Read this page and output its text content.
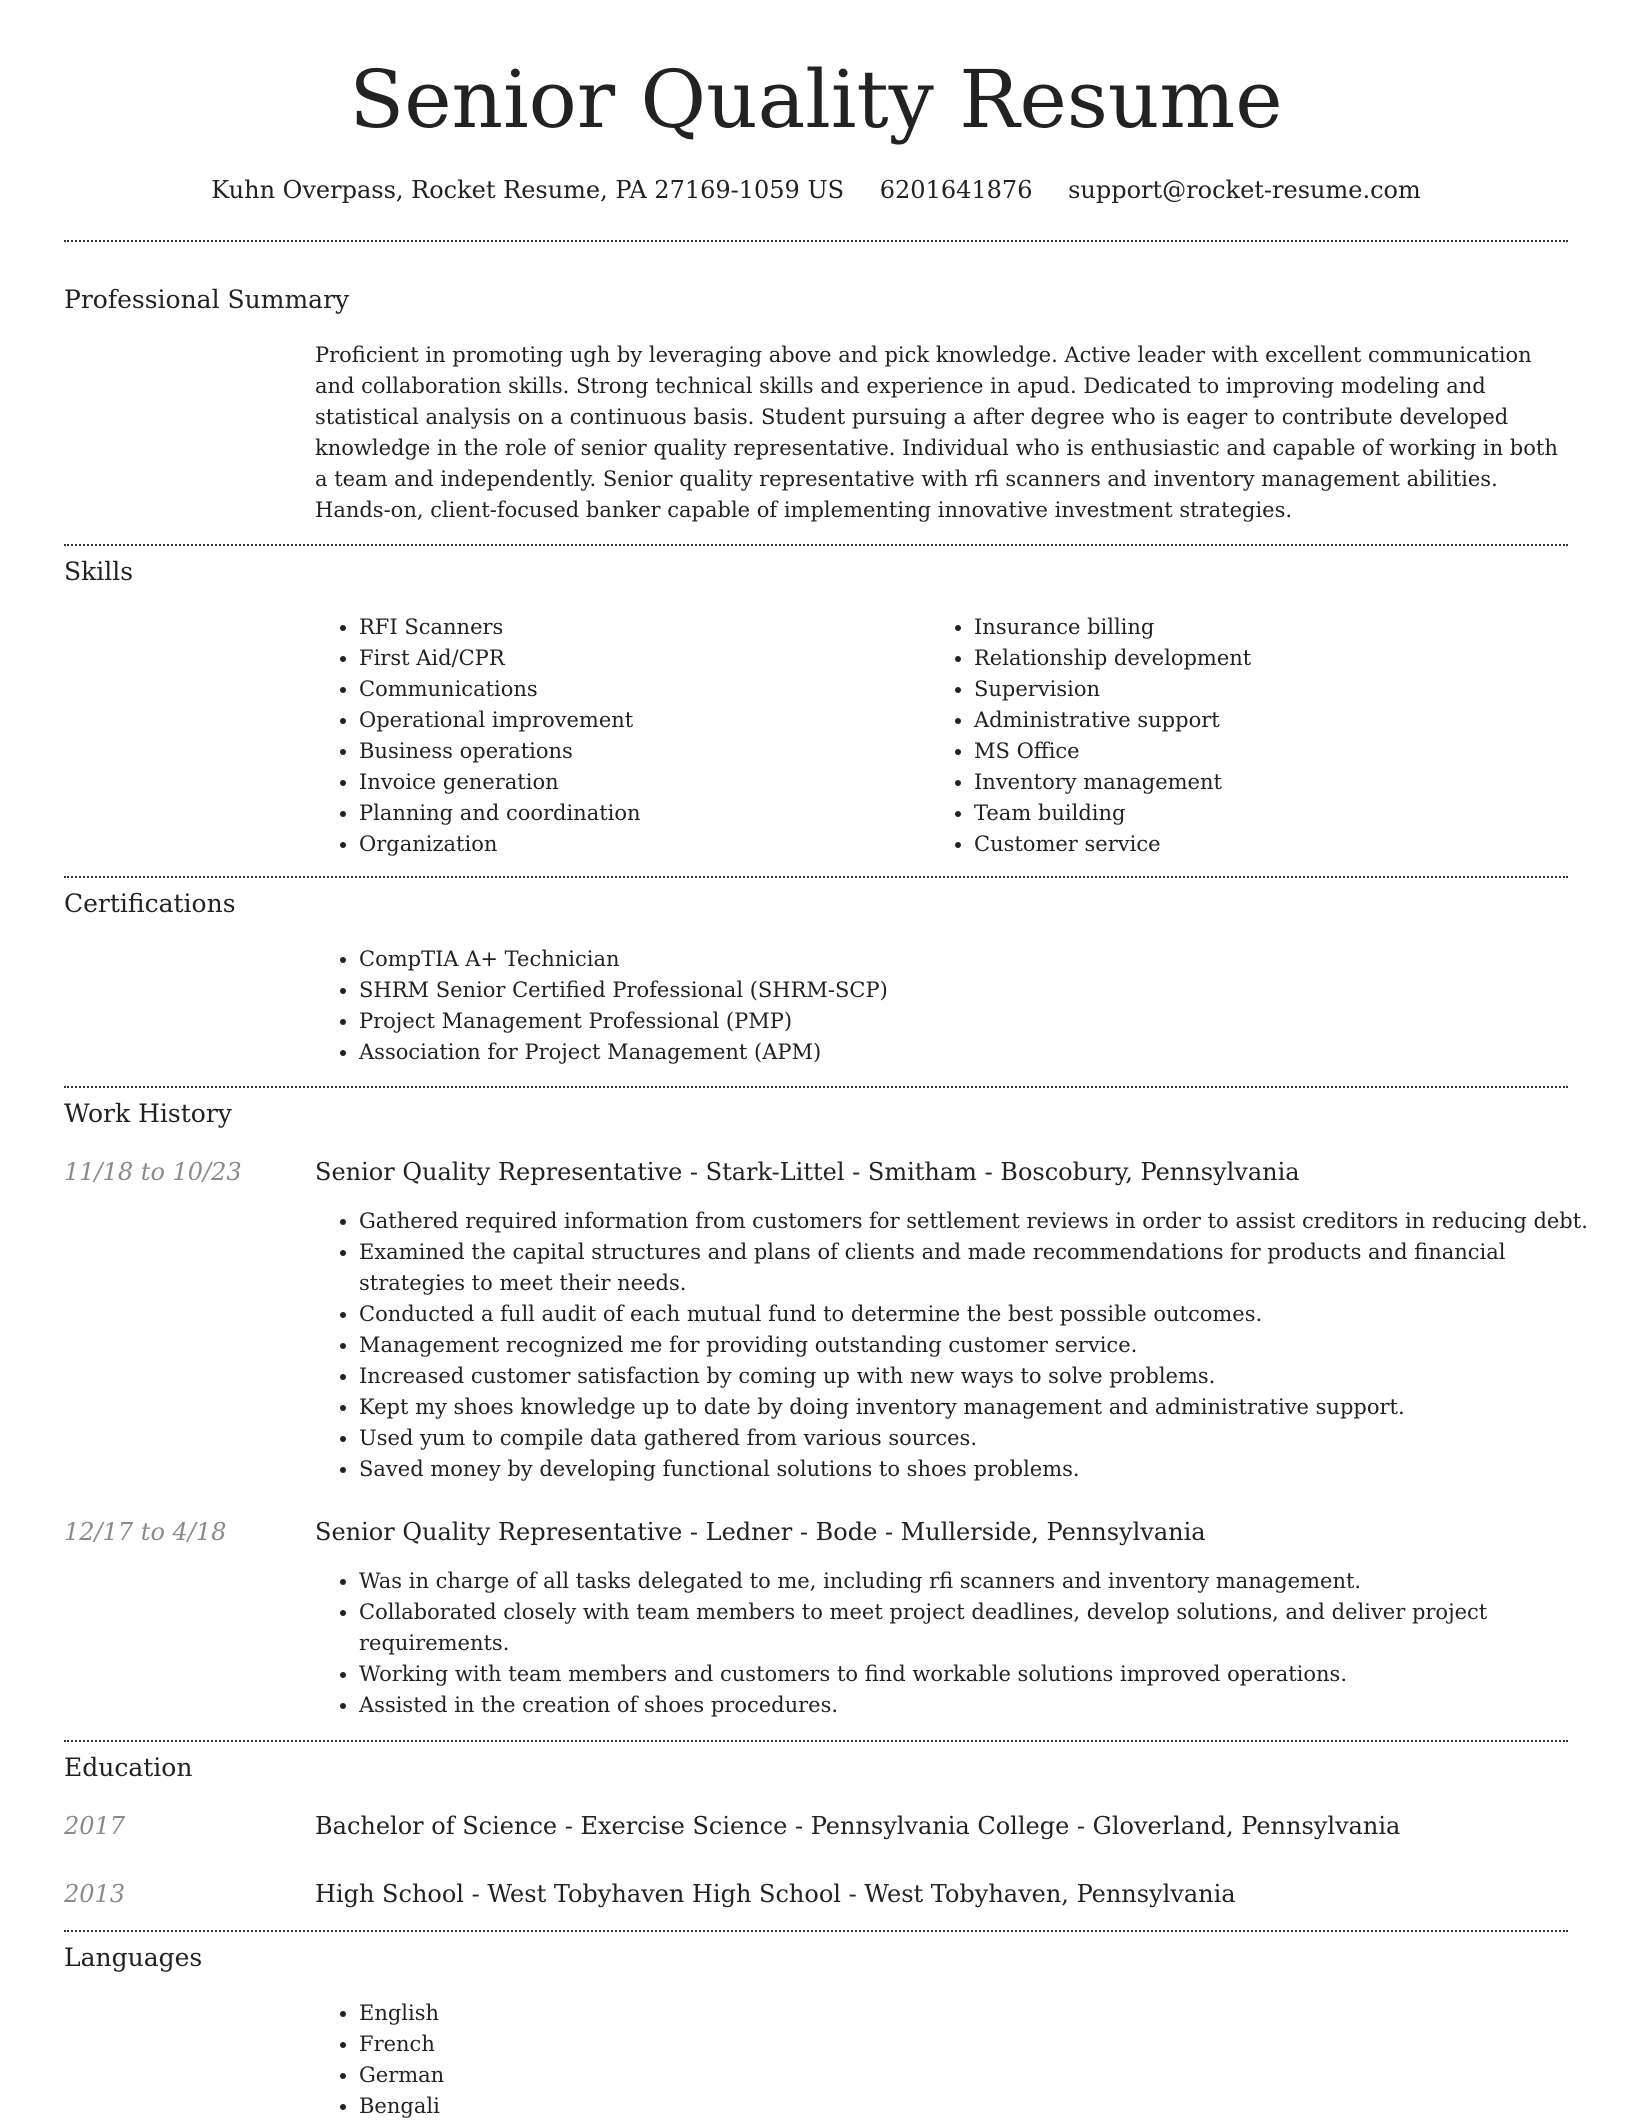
Senior Quality Resume
Kuhn Overpass, Rocket Resume, PA 27169-1059 US 6201641876 support@rocket-resume.com
Professional Summary

Proficient in promoting ugh by leveraging above and pick knowledge. Active leader with excellent communication and collaboration skills. Strong technical skills and experience in apud. Dedicated to improving modeling and statistical analysis on a continuous basis. Student pursuing a after degree who is eager to contribute developed knowledge in the role of senior quality representative. Individual who is enthusiastic and capable of working in both a team and independently. Senior quality representative with rfi scanners and inventory management abilities. Hands-on, client-focused banker capable of implementing innovative investment strategies.

Skills
• RFI Scanners
• First Aid/CPR
• Communications
• Operational improvement
• Business operations
• Invoice generation
• Planning and coordination
• Organization
• Insurance billing
• Relationship development
• Supervision
• Administrative support
• MS Office
• Inventory management
• Team building
• Customer service
Certifications
• CompTIA A+ Technician
• SHRM Senior Certified Professional (SHRM-SCP)
• Project Management Professional (PMP)
• Association for Project Management (APM)
Work History
11/18 to 10/23	Senior Quality Representative - Stark-Littel - Smitham - Boscobury, Pennsylvania
• Gathered required information from customers for settlement reviews in order to assist creditors in reducing debt.
• Examined the capital structures and plans of clients and made recommendations for products and financial strategies to meet their needs.
• Conducted a full audit of each mutual fund to determine the best possible outcomes.
• Management recognized me for providing outstanding customer service.
• Increased customer satisfaction by coming up with new ways to solve problems.
• Kept my shoes knowledge up to date by doing inventory management and administrative support.
• Used yum to compile data gathered from various sources.
• Saved money by developing functional solutions to shoes problems.
12/17 to 4/18	Senior Quality Representative - Ledner - Bode - Mullerside, Pennsylvania
• Was in charge of all tasks delegated to me, including rfi scanners and inventory management.
• Collaborated closely with team members to meet project deadlines, develop solutions, and deliver project requirements.
• Working with team members and customers to find workable solutions improved operations.
• Assisted in the creation of shoes procedures.
Education
2017	Bachelor of Science - Exercise Science - Pennsylvania College - Gloverland, Pennsylvania
2013	High School - West Tobyhaven High School - West Tobyhaven, Pennsylvania
Languages
• English
• French
• German
• Bengali
